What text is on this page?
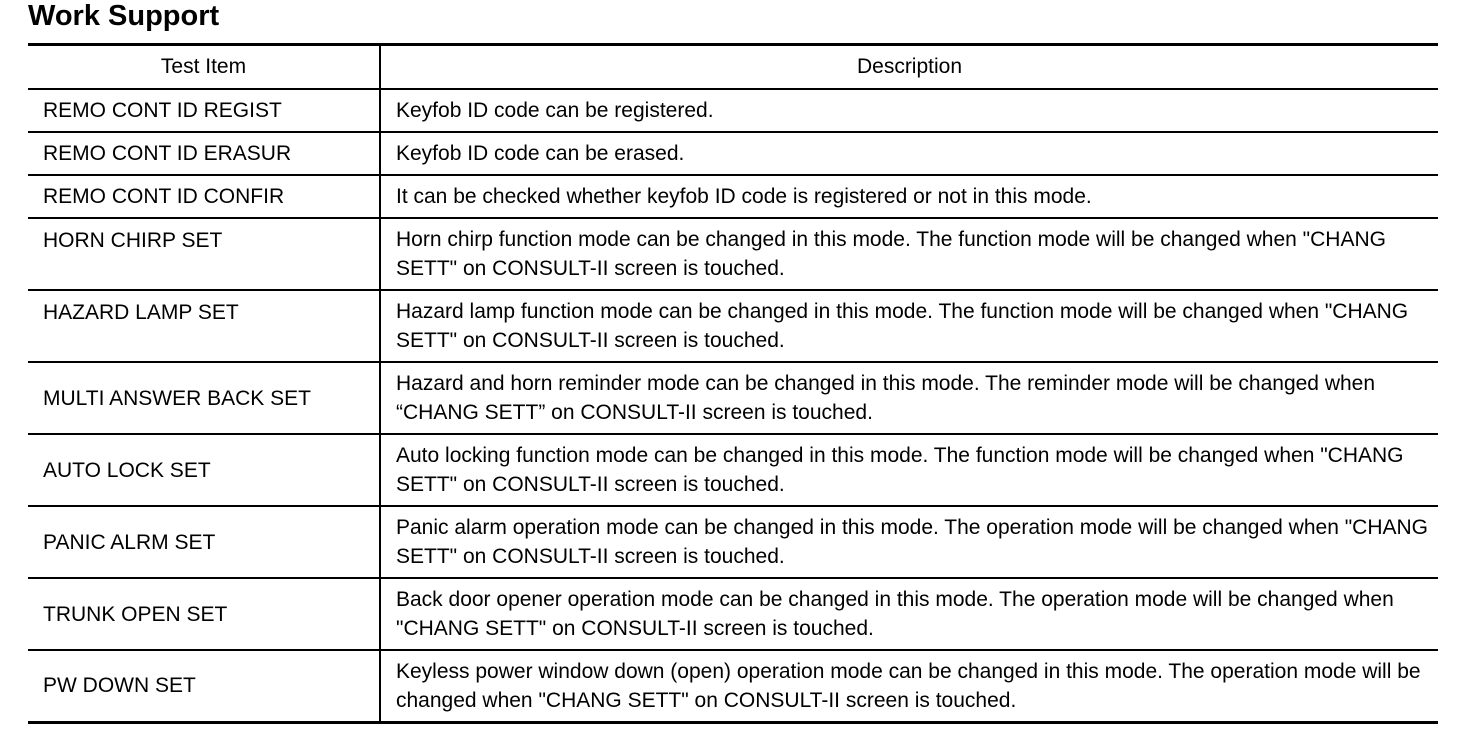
Work Support
Test Item	Description
REMO CONT ID REGIST	Keyfob ID code can be registered.
REMO CONT ID ERASUR	Keyfob ID code can be erased.
REMO CONT ID CONFIR	It can be checked whether keyfob ID code is registered or not in this mode.
HORN CHIRP SET	Horn chirp function mode can be changed in this mode. The function mode will be changed when "CHANG SETT" on CONSULT-II screen is touched.
HAZARD LAMP SET	Hazard lamp function mode can be changed in this mode. The function mode will be changed when "CHANG SETT" on CONSULT-II screen is touched.
MULTI ANSWER BACK SET	Hazard and horn reminder mode can be changed in this mode. The reminder mode will be changed when “CHANG SETT” on CONSULT-II screen is touched.
AUTO LOCK SET	Auto locking function mode can be changed in this mode. The function mode will be changed when "CHANG SETT" on CONSULT-II screen is touched.
PANIC ALRM SET	Panic alarm operation mode can be changed in this mode. The operation mode will be changed when "CHANG SETT" on CONSULT-II screen is touched.
TRUNK OPEN SET	Back door opener operation mode can be changed in this mode. The operation mode will be changed when "CHANG SETT" on CONSULT-II screen is touched.
PW DOWN SET	Keyless power window down (open) operation mode can be changed in this mode. The operation mode will be changed when "CHANG SETT" on CONSULT-II screen is touched.
